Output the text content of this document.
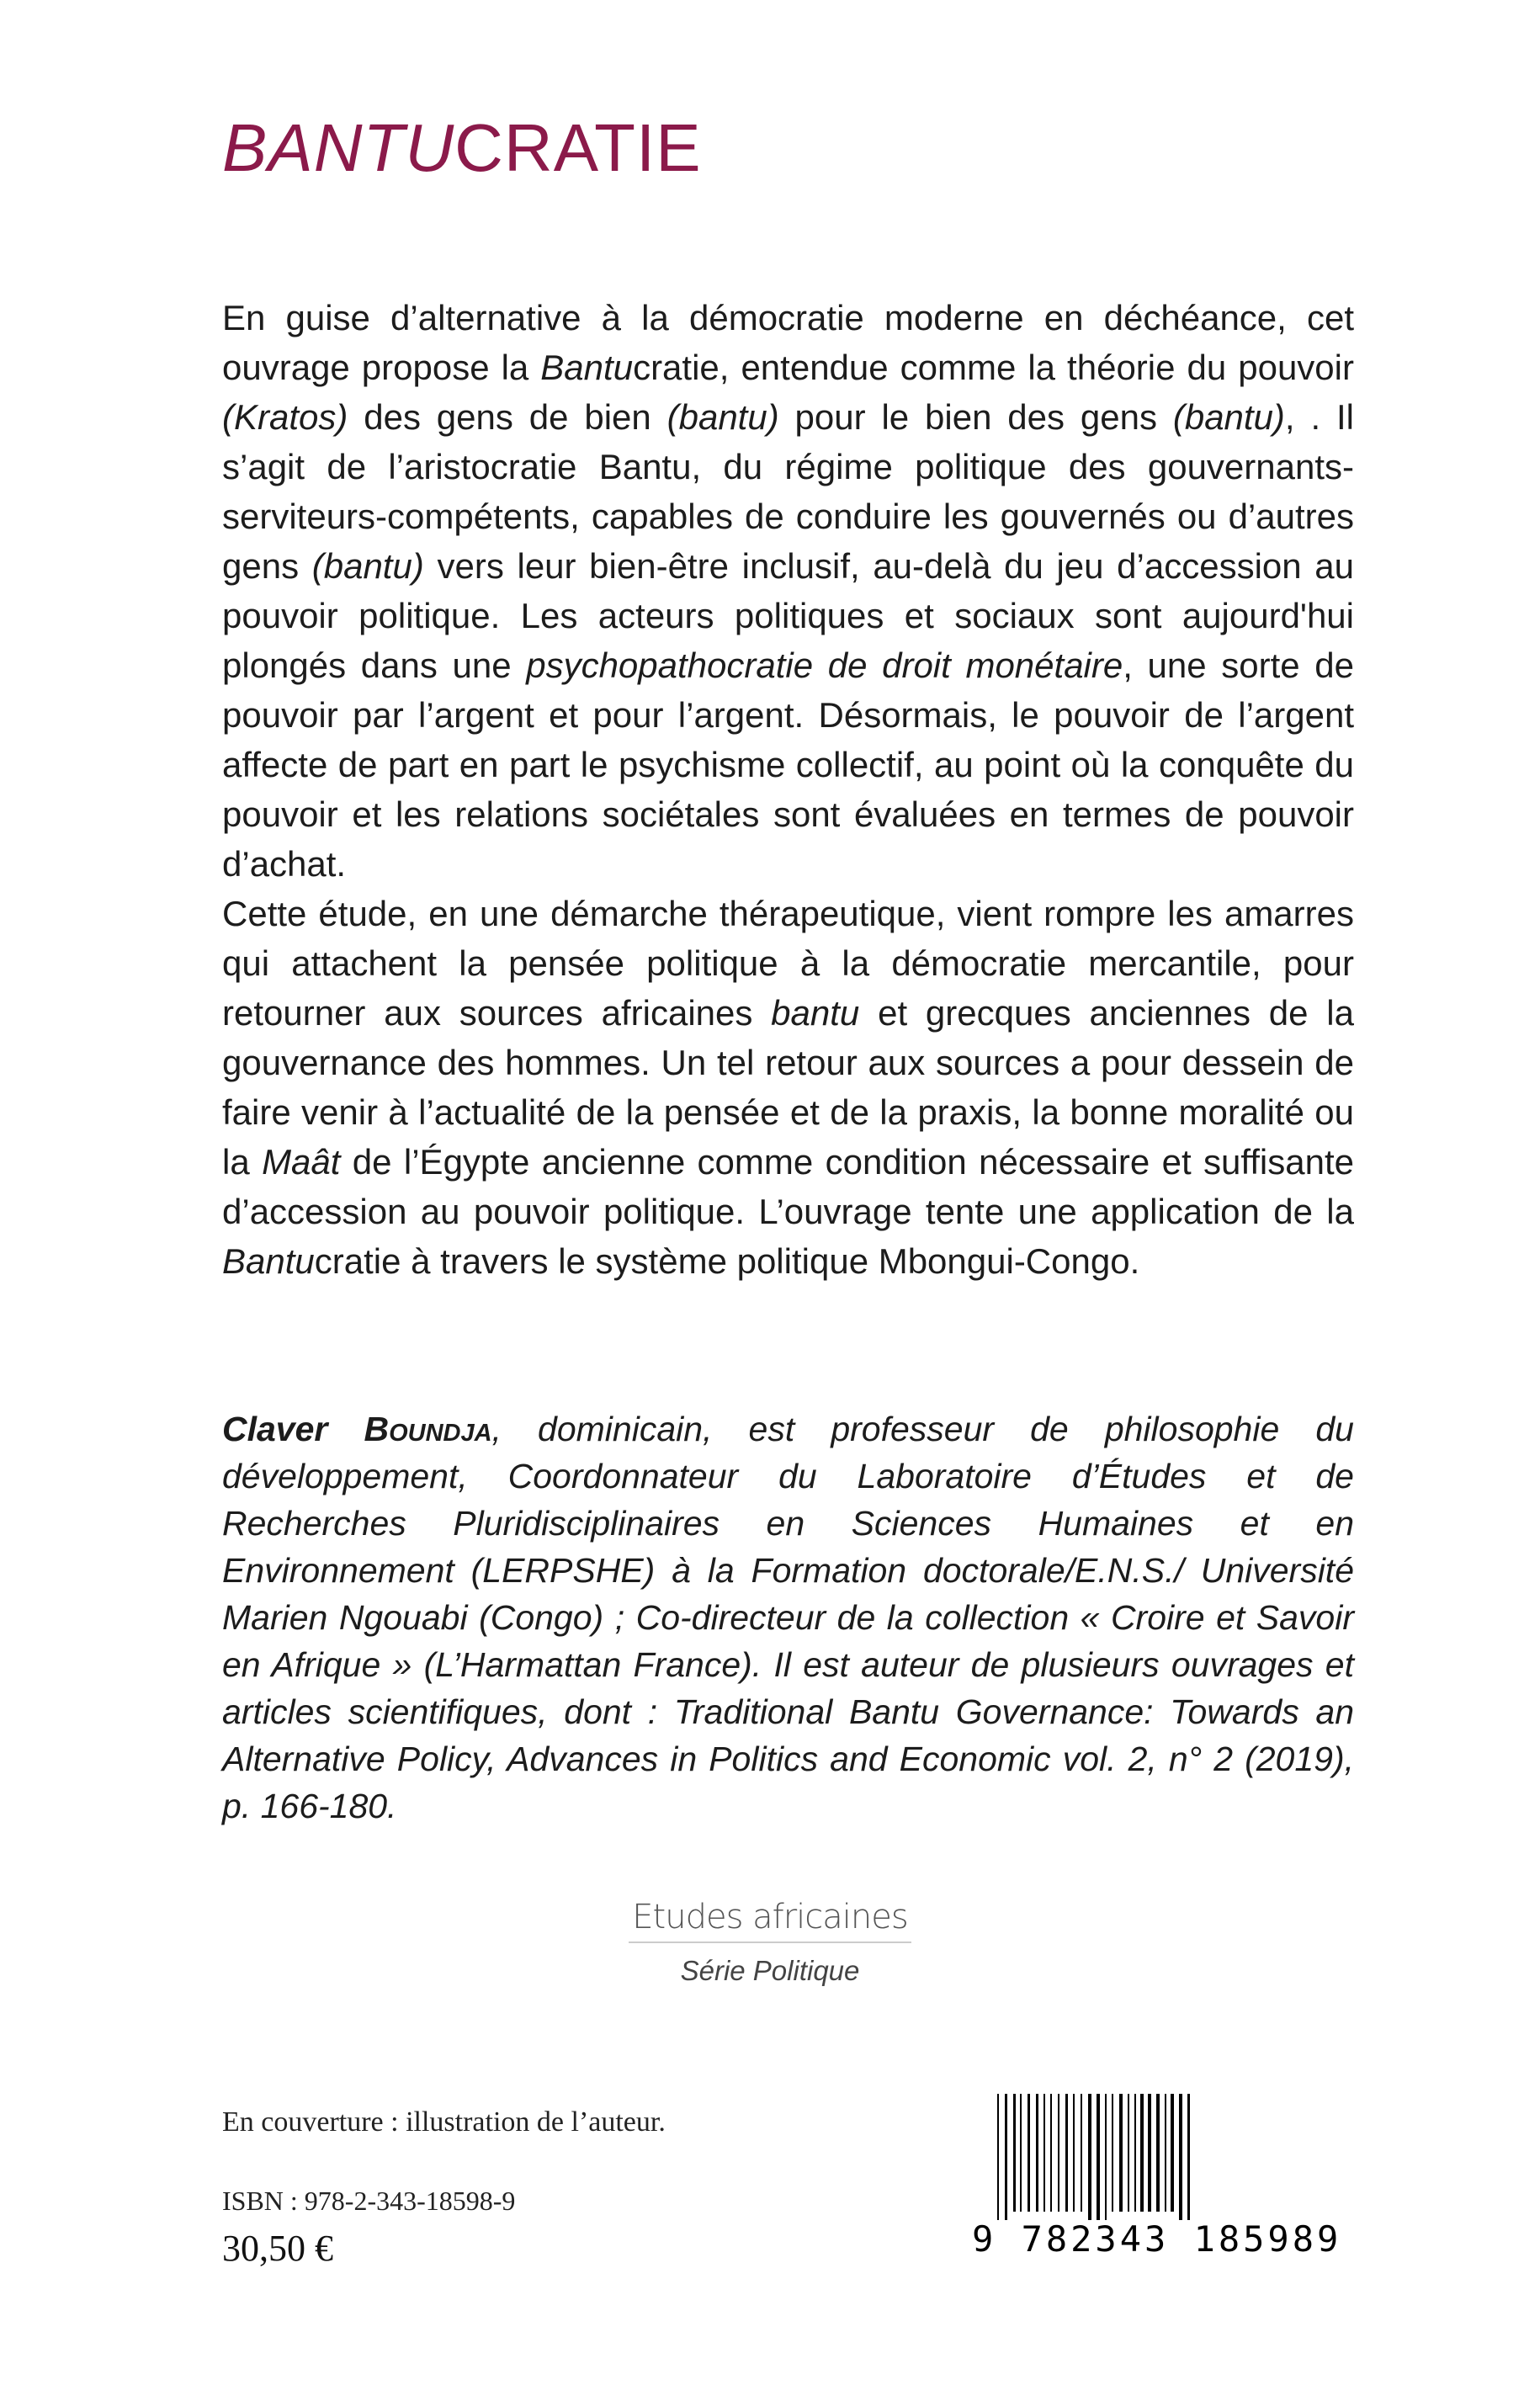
BANTUCRATIE

En guise d’alternative à la démocratie moderne en déchéance, cet ouvrage propose la Bantucratie, entendue comme la théorie du pouvoir (Kratos) des gens de bien (bantu) pour le bien des gens (bantu), . Il s’agit de l’aristocratie Bantu, du régime politique des gouvernants-serviteurs-compétents, capables de conduire les gouvernés ou d’autres gens (bantu) vers leur bien-être inclusif, au-delà du jeu d’accession au pouvoir politique. Les acteurs politiques et sociaux sont aujourd'hui plongés dans une psychopathocratie de droit monétaire, une sorte de pouvoir par l’argent et pour l’argent. Désormais, le pouvoir de l’argent affecte de part en part le psychisme collectif, au point où la conquête du pouvoir et les relations sociétales sont évaluées en termes de pouvoir d’achat.

Cette étude, en une démarche thérapeutique, vient rompre les amarres qui attachent la pensée politique à la démocratie mercantile, pour retourner aux sources africaines bantu et grecques anciennes de la gouvernance des hommes. Un tel retour aux sources a pour dessein de faire venir à l’actualité de la pensée et de la praxis, la bonne moralité ou la Maât de l’Égypte ancienne comme condition nécessaire et suffisante d’accession au pouvoir politique. L’ouvrage tente une application de la Bantucratie à travers le système politique Mbongui-Congo.

Claver Boundja, dominicain, est professeur de philosophie du développement, Coordonnateur du Laboratoire d’Études et de Recherches Pluridisciplinaires en Sciences Humaines et en Environnement (LERPSHE) à la Formation doctorale/E.N.S./ Université Marien Ngouabi (Congo) ; Co-directeur de la collection « Croire et Savoir en Afrique » (L’Harmattan France). Il est auteur de plusieurs ouvrages et articles scientifiques, dont : Traditional Bantu Governance: Towards an Alternative Policy, Advances in Politics and Economic vol. 2, n° 2 (2019), p. 166-180.
Etudes africaines
Série Politique
En couverture : illustration de l’auteur.
ISBN : 978-2-343-18598-9
30,50 €	9 782343 185989
